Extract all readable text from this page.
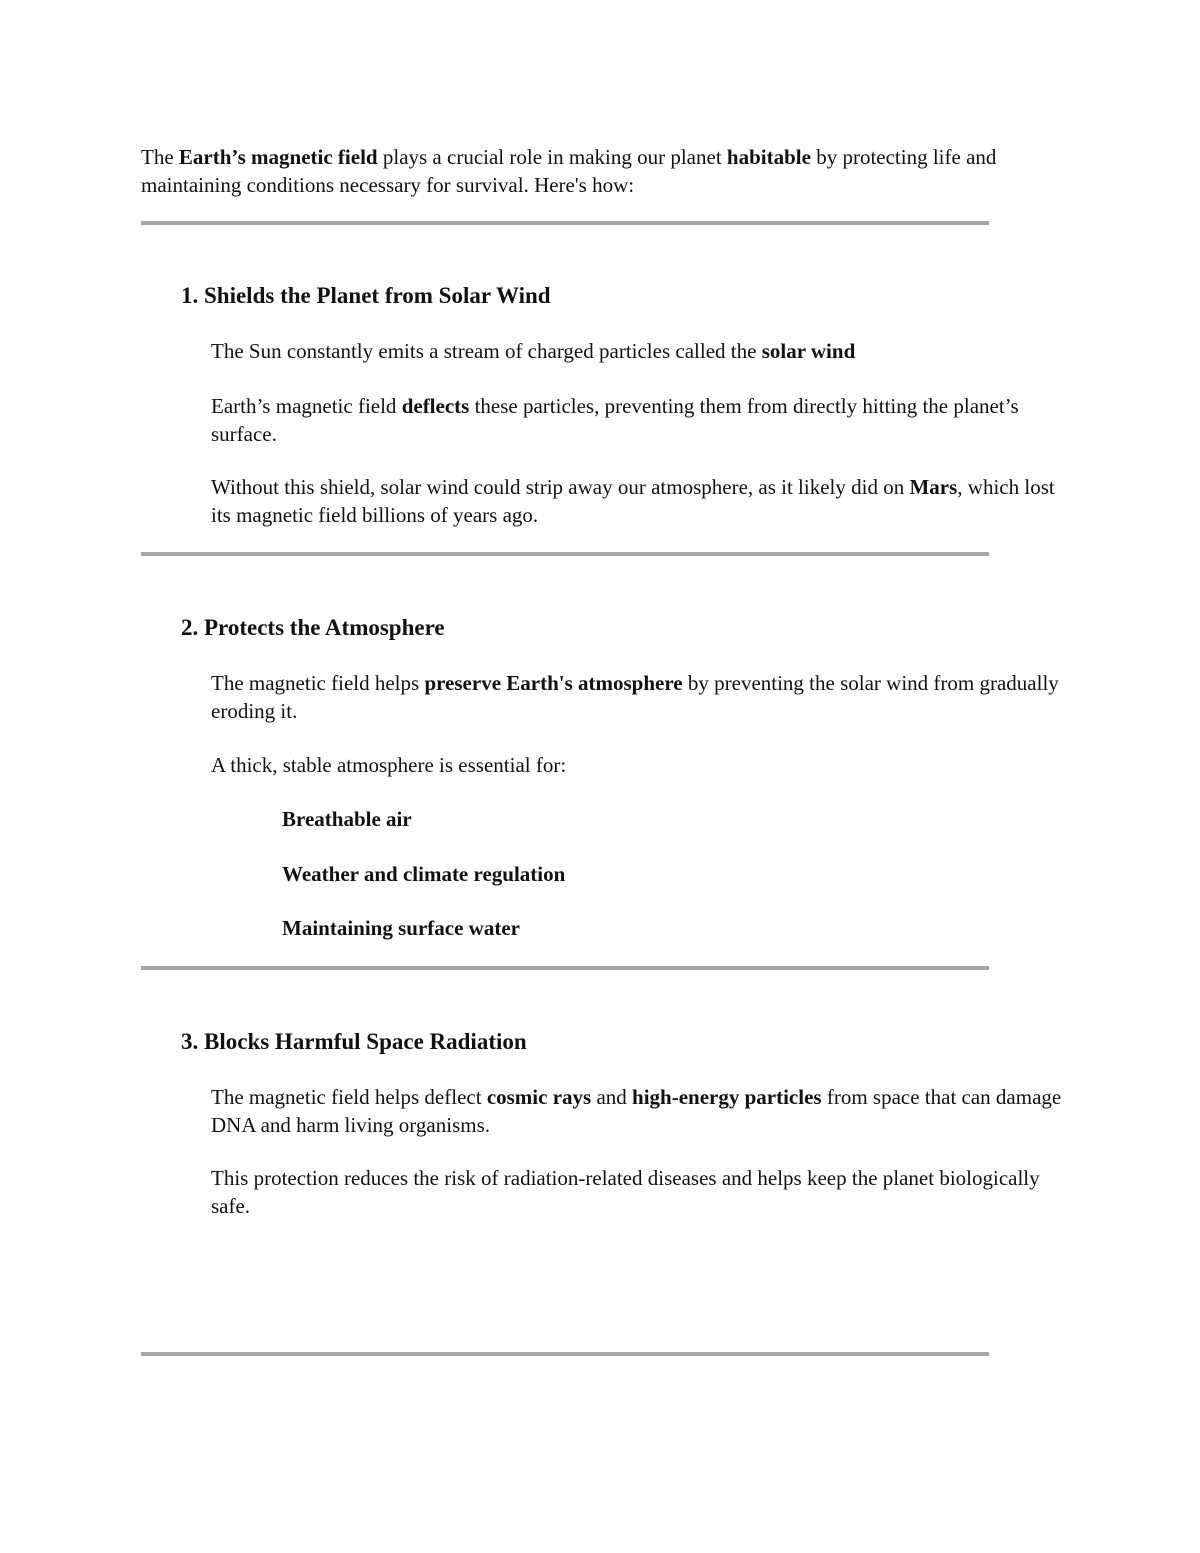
The Earth’s magnetic field plays a crucial role in making our planet habitable by protecting life and maintaining conditions necessary for survival. Here's how:

1. Shields the Planet from Solar Wind

The Sun constantly emits a stream of charged particles called the solar wind

Earth’s magnetic field deflects these particles, preventing them from directly hitting the planet’s surface.

Without this shield, solar wind could strip away our atmosphere, as it likely did on Mars, which lost its magnetic field billions of years ago.

2. Protects the Atmosphere

The magnetic field helps preserve Earth's atmosphere by preventing the solar wind from gradually eroding it.

A thick, stable atmosphere is essential for:

Breathable air

Weather and climate regulation

Maintaining surface water

3. Blocks Harmful Space Radiation

The magnetic field helps deflect cosmic rays and high-energy particles from space that can damage DNA and harm living organisms.

This protection reduces the risk of radiation-related diseases and helps keep the planet biologically safe.
